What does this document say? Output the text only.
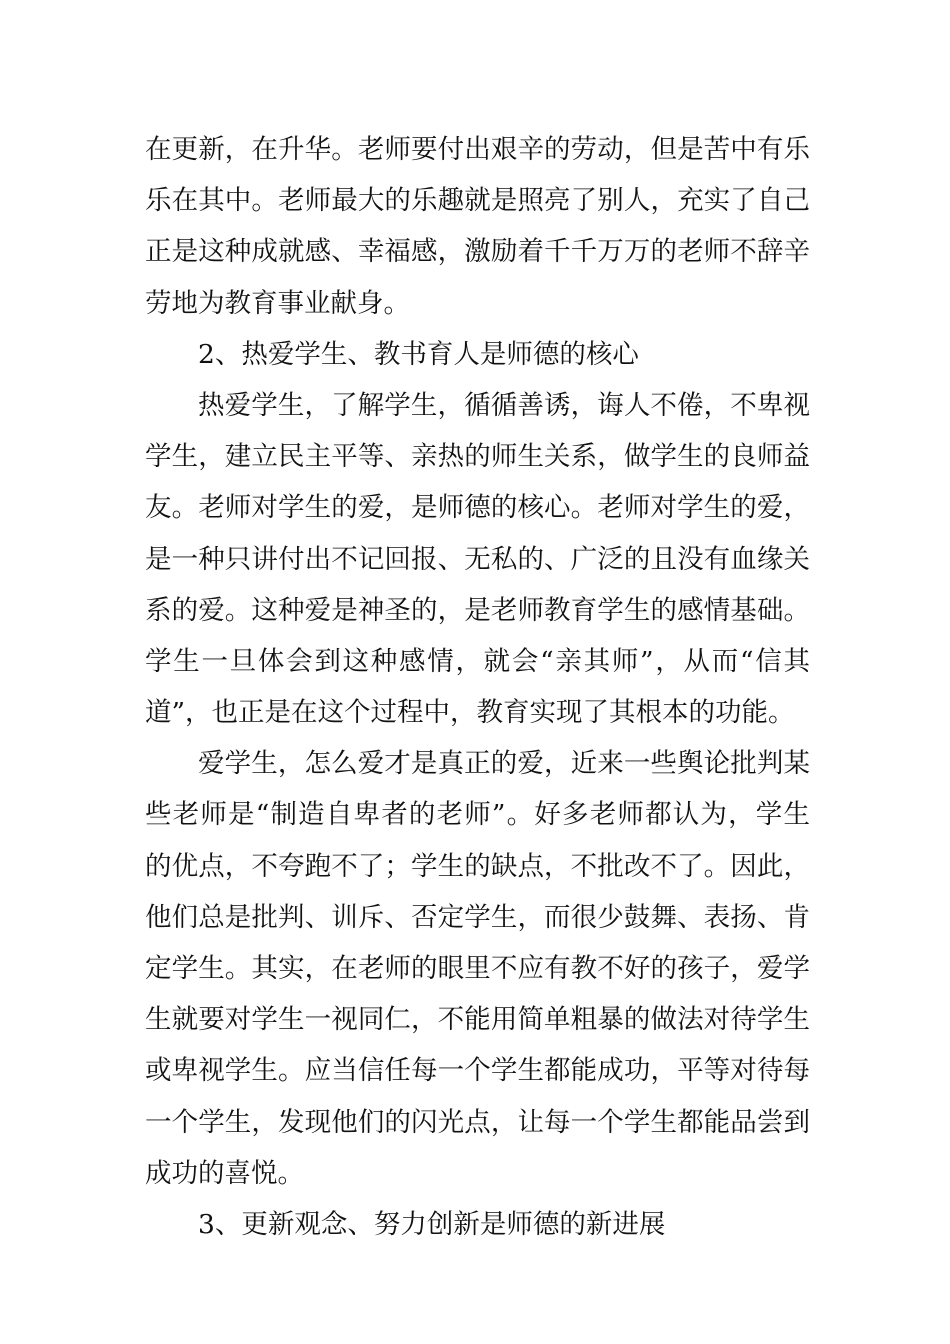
在更新，在升华。老师要付出艰辛的劳动，但是苦中有乐
乐在其中。老师最大的乐趣就是照亮了别人，充实了自己
正是这种成就感、幸福感，激励着千千万万的老师不辞辛
劳地为教育事业献身。
2、热爱学生、教书育人是师德的核心
热爱学生，了解学生，循循善诱，诲人不倦，不卑视
学生，建立民主平等、亲热的师生关系，做学生的良师益
友。老师对学生的爱，是师德的核心。老师对学生的爱，
是一种只讲付出不记回报、无私的、广泛的且没有血缘关
系的爱。这种爱是神圣的，是老师教育学生的感情基础。
学生一旦体会到这种感情，就会“亲其师”，从而“信其
道”，也正是在这个过程中，教育实现了其根本的功能。
爱学生，怎么爱才是真正的爱，近来一些舆论批判某
些老师是“制造自卑者的老师”。好多老师都认为，学生
的优点，不夸跑不了；学生的缺点，不批改不了。因此，
他们总是批判、训斥、否定学生，而很少鼓舞、表扬、肯
定学生。其实，在老师的眼里不应有教不好的孩子，爱学
生就要对学生一视同仁，不能用简单粗暴的做法对待学生
或卑视学生。应当信任每一个学生都能成功，平等对待每
一个学生，发现他们的闪光点，让每一个学生都能品尝到
成功的喜悦。
3、更新观念、努力创新是师德的新进展
